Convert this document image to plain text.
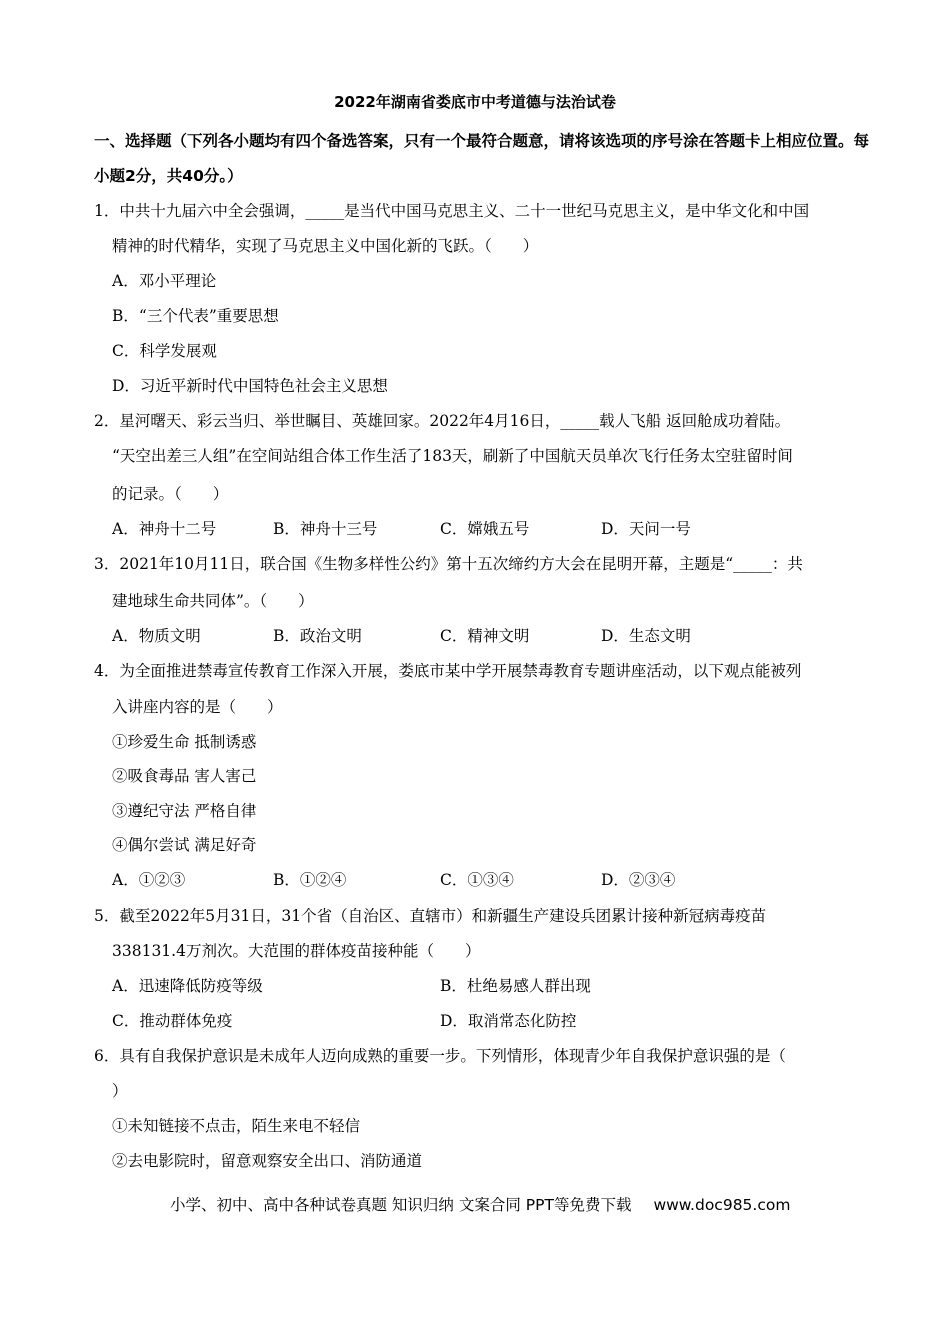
2022年湖南省娄底市中考道德与法治试卷
一、选择题（下列各小题均有四个备选答案，只有一个最符合题意，请将该选项的序号涂在答题卡上相应位置。每小题2分，共40分。）
1．中共十九届六中全会强调，_____是当代中国马克思主义、二十一世纪马克思主义，是中华文化和中国
精神的时代精华，实现了马克思主义中国化新的飞跃。（　　）
A．邓小平理论
B．“三个代表”重要思想
C．科学发展观
D．习近平新时代中国特色社会主义思想
2．星河曙天、彩云当归、举世瞩目、英雄回家。2022年4月16日，_____载人飞船 返回舱成功着陆。
“天空出差三人组”在空间站组合体工作生活了183天，刷新了中国航天员单次飞行任务太空驻留时间
的记录。（　　）
A．神舟十二号	B．神舟十三号	C．嫦娥五号	D．天问一号
3．2021年10月11日，联合国《生物多样性公约》第十五次缔约方大会在昆明开幕，主题是“_____：共
建地球生命共同体”。（　　）
A．物质文明	B．政治文明	C．精神文明	D．生态文明
4．为全面推进禁毒宣传教育工作深入开展，娄底市某中学开展禁毒教育专题讲座活动，以下观点能被列
入讲座内容的是（　　）
①珍爱生命 抵制诱惑
②吸食毒品 害人害己
③遵纪守法 严格自律
④偶尔尝试 满足好奇
A．①②③	B．①②④	C．①③④	D．②③④
5．截至2022年5月31日，31个省（自治区、直辖市）和新疆生产建设兵团累计接种新冠病毒疫苗
338131.4万剂次。大范围的群体疫苗接种能（　　）
A．迅速降低防疫等级	B．杜绝易感人群出现
C．推动群体免疫	D．取消常态化防控
6．具有自我保护意识是未成年人迈向成熟的重要一步。下列情形，体现青少年自我保护意识强的是（
）
①未知链接不点击，陌生来电不轻信
②去电影院时，留意观察安全出口、消防通道
小学、初中、高中各种试卷真题 知识归纳 文案合同 PPT等免费下载 www.doc985.com
